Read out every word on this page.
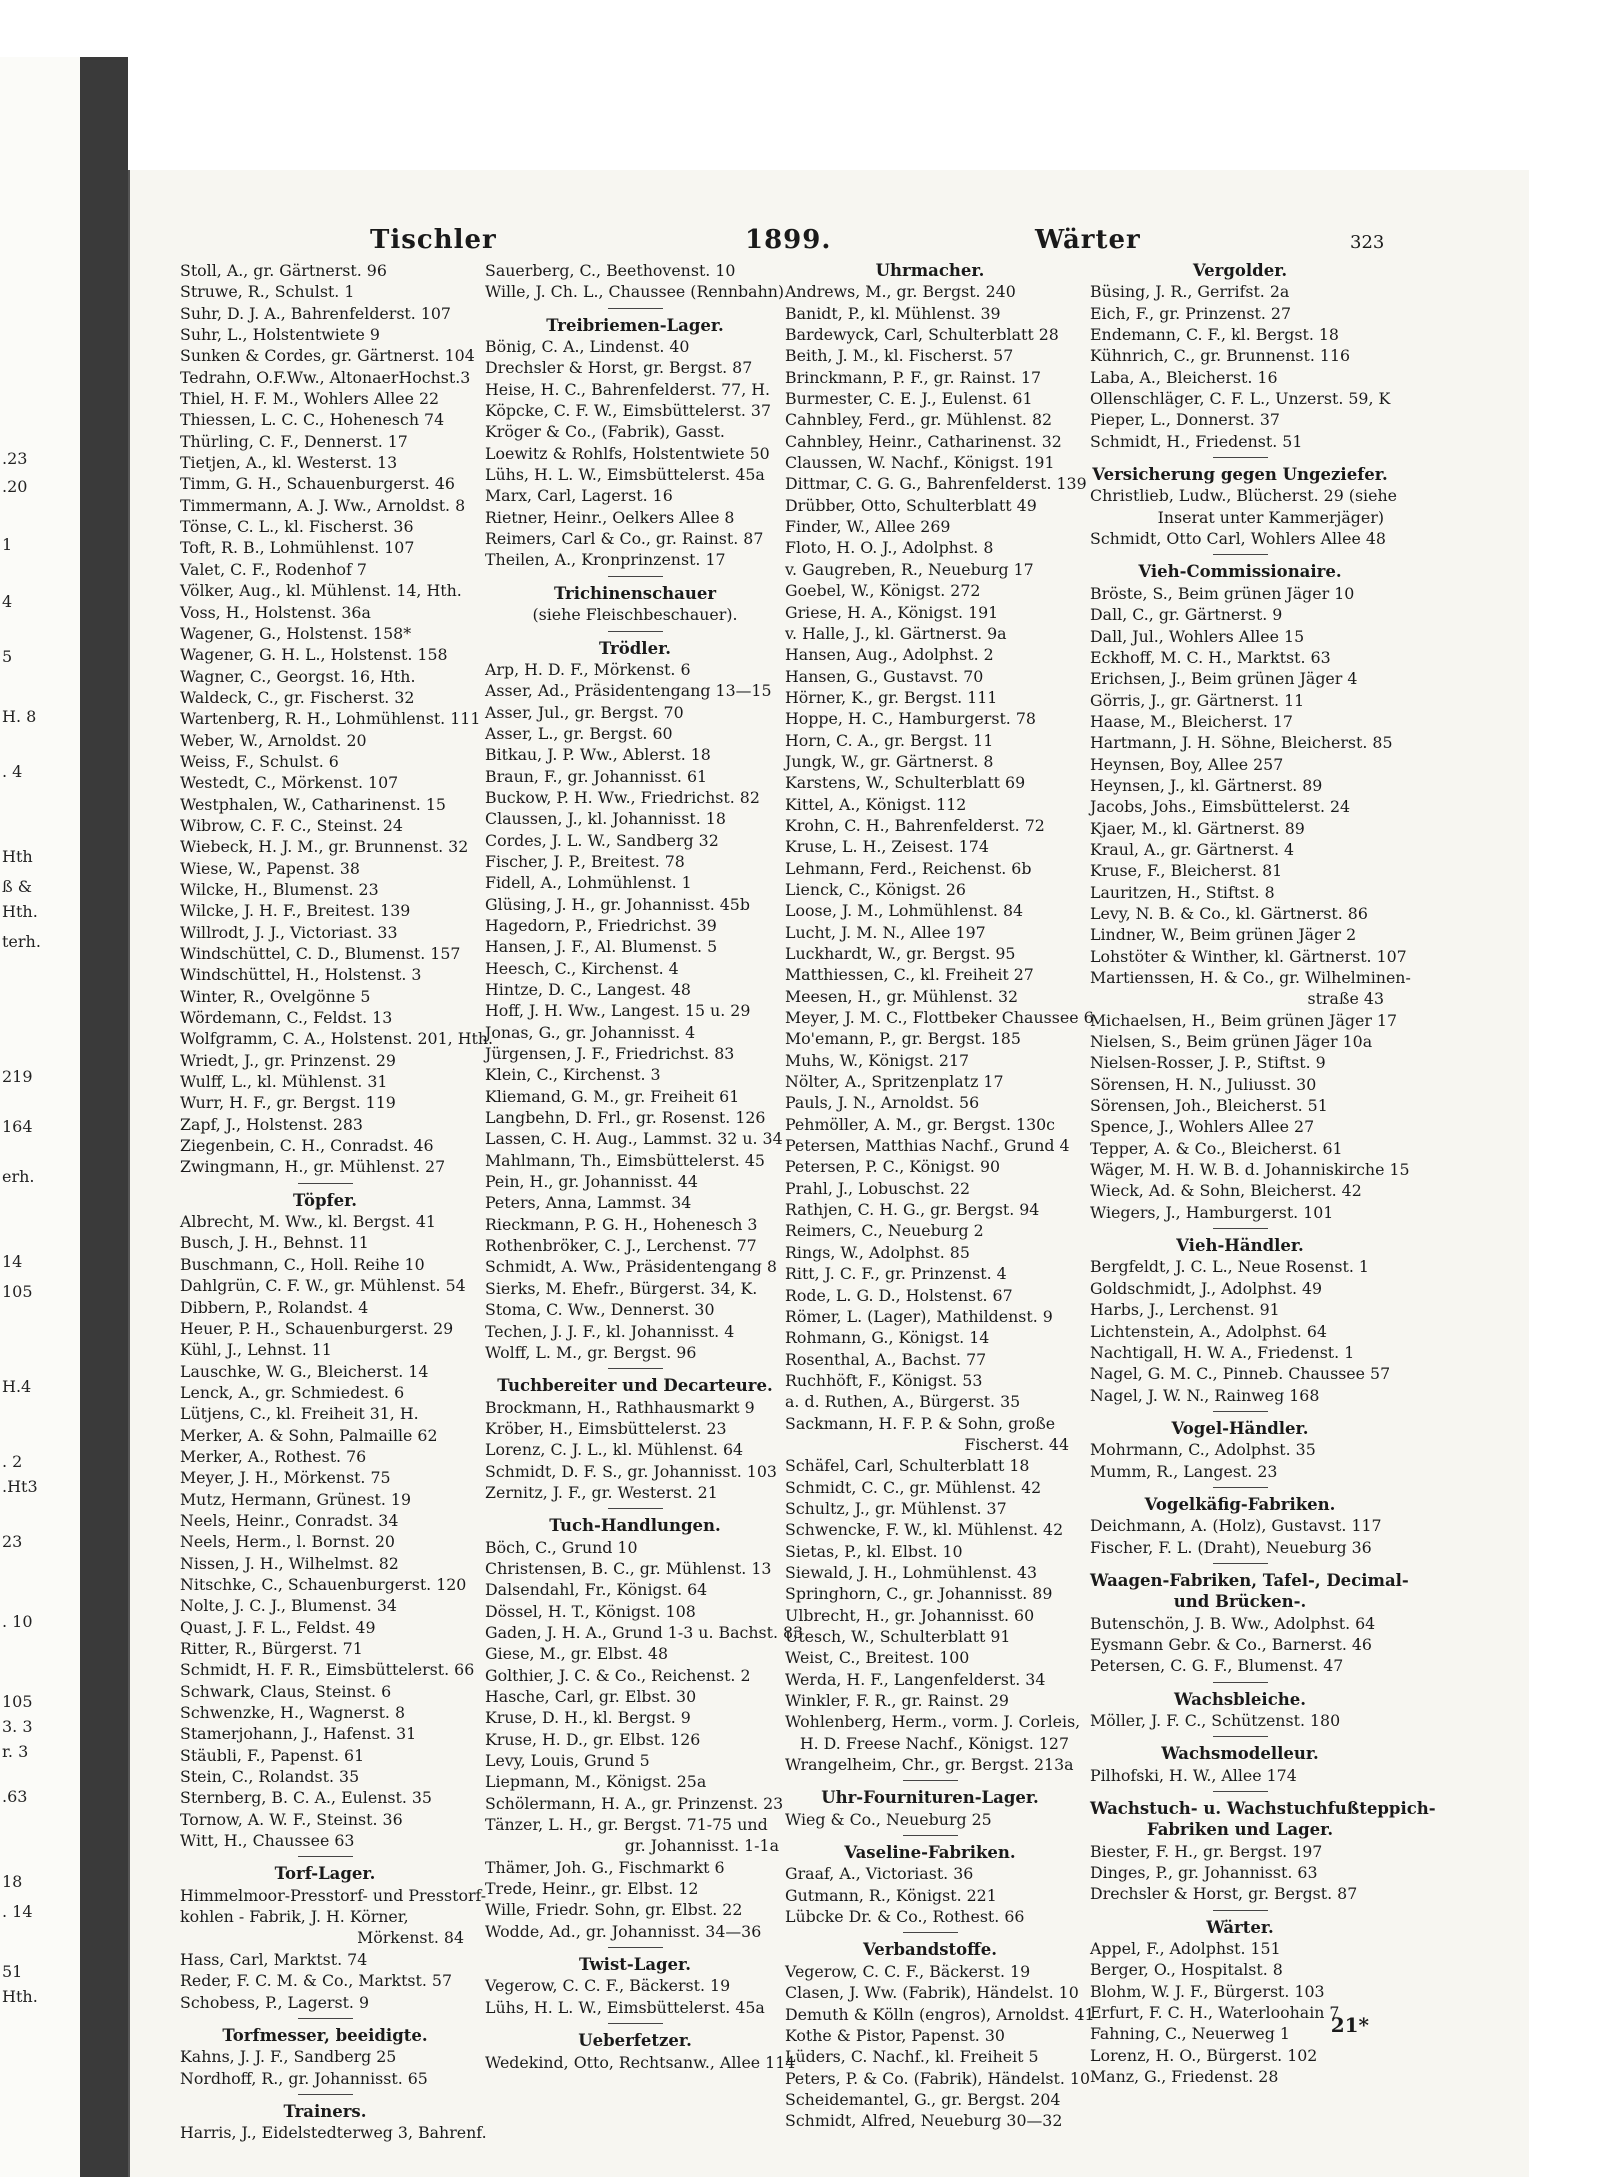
.23
.20
1
4
5
H. 8
. 4
Hth
ß &
Hth.
terh.
219
164
erh.
14
105
H.4
. 2
.Ht3
23
. 10
105
3. 3
r. 3
.63
18
. 14
51
Hth.
Tischler	1899.	Wärter	323
Stoll, A., gr. Gärtnerst. 96
Struwe, R., Schulst. 1
Suhr, D. J. A., Bahrenfelderst. 107
Suhr, L., Holstentwiete 9
Sunken & Cordes, gr. Gärtnerst. 104
Tedrahn, O.F.Ww., AltonaerHochst.3
Thiel, H. F. M., Wohlers Allee 22
Thiessen, L. C. C., Hohenesch 74
Thürling, C. F., Dennerst. 17
Tietjen, A., kl. Westerst. 13
Timm, G. H., Schauenburgerst. 46
Timmermann, A. J. Ww., Arnoldst. 8
Tönse, C. L., kl. Fischerst. 36
Toft, R. B., Lohmühlenst. 107
Valet, C. F., Rodenhof 7
Völker, Aug., kl. Mühlenst. 14, Hth.
Voss, H., Holstenst. 36a
Wagener, G., Holstenst. 158*
Wagener, G. H. L., Holstenst. 158
Wagner, C., Georgst. 16, Hth.
Waldeck, C., gr. Fischerst. 32
Wartenberg, R. H., Lohmühlenst. 111
Weber, W., Arnoldst. 20
Weiss, F., Schulst. 6
Westedt, C., Mörkenst. 107
Westphalen, W., Catharinenst. 15
Wibrow, C. F. C., Steinst. 24
Wiebeck, H. J. M., gr. Brunnenst. 32
Wiese, W., Papenst. 38
Wilcke, H., Blumenst. 23
Wilcke, J. H. F., Breitest. 139
Willrodt, J. J., Victoriast. 33
Windschüttel, C. D., Blumenst. 157
Windschüttel, H., Holstenst. 3
Winter, R., Ovelgönne 5
Wördemann, C., Feldst. 13
Wolfgramm, C. A., Holstenst. 201, Hth.
Wriedt, J., gr. Prinzenst. 29
Wulff, L., kl. Mühlenst. 31
Wurr, H. F., gr. Bergst. 119
Zapf, J., Holstenst. 283
Ziegenbein, C. H., Conradst. 46
Zwingmann, H., gr. Mühlenst. 27
Töpfer.
Albrecht, M. Ww., kl. Bergst. 41
Busch, J. H., Behnst. 11
Buschmann, C., Holl. Reihe 10
Dahlgrün, C. F. W., gr. Mühlenst. 54
Dibbern, P., Rolandst. 4
Heuer, P. H., Schauenburgerst. 29
Kühl, J., Lehnst. 11
Lauschke, W. G., Bleicherst. 14
Lenck, A., gr. Schmiedest. 6
Lütjens, C., kl. Freiheit 31, H.
Merker, A. & Sohn, Palmaille 62
Merker, A., Rothest. 76
Meyer, J. H., Mörkenst. 75
Mutz, Hermann, Grünest. 19
Neels, Heinr., Conradst. 34
Neels, Herm., l. Bornst. 20
Nissen, J. H., Wilhelmst. 82
Nitschke, C., Schauenburgerst. 120
Nolte, J. C. J., Blumenst. 34
Quast, J. F. L., Feldst. 49
Ritter, R., Bürgerst. 71
Schmidt, H. F. R., Eimsbüttelerst. 66
Schwark, Claus, Steinst. 6
Schwenzke, H., Wagnerst. 8
Stamerjohann, J., Hafenst. 31
Stäubli, F., Papenst. 61
Stein, C., Rolandst. 35
Sternberg, B. C. A., Eulenst. 35
Tornow, A. W. F., Steinst. 36
Witt, H., Chaussee 63
Torf-Lager.
Himmelmoor-Presstorf- und Presstorf-
kohlen - Fabrik, J. H. Körner,
Mörkenst. 84
Hass, Carl, Marktst. 74
Reder, F. C. M. & Co., Marktst. 57
Schobess, P., Lagerst. 9
Torfmesser, beeidigte.
Kahns, J. J. F., Sandberg 25
Nordhoff, R., gr. Johannisst. 65
Trainers.
Harris, J., Eidelstedterweg 3, Bahrenf.
Sauerberg, C., Beethovenst. 10
Wille, J. Ch. L., Chaussee (Rennbahn)
Treibriemen-Lager.
Bönig, C. A., Lindenst. 40
Drechsler & Horst, gr. Bergst. 87
Heise, H. C., Bahrenfelderst. 77, H.
Köpcke, C. F. W., Eimsbüttelerst. 37
Kröger & Co., (Fabrik), Gasst.
Loewitz & Rohlfs, Holstentwiete 50
Lühs, H. L. W., Eimsbüttelerst. 45a
Marx, Carl, Lagerst. 16
Rietner, Heinr., Oelkers Allee 8
Reimers, Carl & Co., gr. Rainst. 87
Theilen, A., Kronprinzenst. 17
Trichinenschauer
(siehe Fleischbeschauer).
Trödler.
Arp, H. D. F., Mörkenst. 6
Asser, Ad., Präsidentengang 13—15
Asser, Jul., gr. Bergst. 70
Asser, L., gr. Bergst. 60
Bitkau, J. P. Ww., Ablerst. 18
Braun, F., gr. Johannisst. 61
Buckow, P. H. Ww., Friedrichst. 82
Claussen, J., kl. Johannisst. 18
Cordes, J. L. W., Sandberg 32
Fischer, J. P., Breitest. 78
Fidell, A., Lohmühlenst. 1
Glüsing, J. H., gr. Johannisst. 45b
Hagedorn, P., Friedrichst. 39
Hansen, J. F., Al. Blumenst. 5
Heesch, C., Kirchenst. 4
Hintze, D. C., Langest. 48
Hoff, J. H. Ww., Langest. 15 u. 29
Jonas, G., gr. Johannisst. 4
Jürgensen, J. F., Friedrichst. 83
Klein, C., Kirchenst. 3
Kliemand, G. M., gr. Freiheit 61
Langbehn, D. Frl., gr. Rosenst. 126
Lassen, C. H. Aug., Lammst. 32 u. 34
Mahlmann, Th., Eimsbüttelerst. 45
Pein, H., gr. Johannisst. 44
Peters, Anna, Lammst. 34
Rieckmann, P. G. H., Hohenesch 3
Rothenbröker, C. J., Lerchenst. 77
Schmidt, A. Ww., Präsidentengang 8
Sierks, M. Ehefr., Bürgerst. 34, K.
Stoma, C. Ww., Dennerst. 30
Techen, J. J. F., kl. Johannisst. 4
Wolff, L. M., gr. Bergst. 96
Tuchbereiter und Decarteure.
Brockmann, H., Rathhausmarkt 9
Kröber, H., Eimsbüttelerst. 23
Lorenz, C. J. L., kl. Mühlenst. 64
Schmidt, D. F. S., gr. Johannisst. 103
Zernitz, J. F., gr. Westerst. 21
Tuch-Handlungen.
Böch, C., Grund 10
Christensen, B. C., gr. Mühlenst. 13
Dalsendahl, Fr., Königst. 64
Dössel, H. T., Königst. 108
Gaden, J. H. A., Grund 1-3 u. Bachst. 83
Giese, M., gr. Elbst. 48
Golthier, J. C. & Co., Reichenst. 2
Hasche, Carl, gr. Elbst. 30
Kruse, D. H., kl. Bergst. 9
Kruse, H. D., gr. Elbst. 126
Levy, Louis, Grund 5
Liepmann, M., Königst. 25a
Schölermann, H. A., gr. Prinzenst. 23
Tänzer, L. H., gr. Bergst. 71-75 und
gr. Johannisst. 1-1a
Thämer, Joh. G., Fischmarkt 6
Trede, Heinr., gr. Elbst. 12
Wille, Friedr. Sohn, gr. Elbst. 22
Wodde, Ad., gr. Johannisst. 34—36
Twist-Lager.
Vegerow, C. C. F., Bäckerst. 19
Lühs, H. L. W., Eimsbüttelerst. 45a
Ueberfetzer.
Wedekind, Otto, Rechtsanw., Allee 114
Uhrmacher.
Andrews, M., gr. Bergst. 240
Banidt, P., kl. Mühlenst. 39
Bardewyck, Carl, Schulterblatt 28
Beith, J. M., kl. Fischerst. 57
Brinckmann, P. F., gr. Rainst. 17
Burmester, C. E. J., Eulenst. 61
Cahnbley, Ferd., gr. Mühlenst. 82
Cahnbley, Heinr., Catharinenst. 32
Claussen, W. Nachf., Königst. 191
Dittmar, C. G. G., Bahrenfelderst. 139
Drübber, Otto, Schulterblatt 49
Finder, W., Allee 269
Floto, H. O. J., Adolphst. 8
v. Gaugreben, R., Neueburg 17
Goebel, W., Königst. 272
Griese, H. A., Königst. 191
v. Halle, J., kl. Gärtnerst. 9a
Hansen, Aug., Adolphst. 2
Hansen, G., Gustavst. 70
Hörner, K., gr. Bergst. 111
Hoppe, H. C., Hamburgerst. 78
Horn, C. A., gr. Bergst. 11
Jungk, W., gr. Gärtnerst. 8
Karstens, W., Schulterblatt 69
Kittel, A., Königst. 112
Krohn, C. H., Bahrenfelderst. 72
Kruse, L. H., Zeisest. 174
Lehmann, Ferd., Reichenst. 6b
Lienck, C., Königst. 26
Loose, J. M., Lohmühlenst. 84
Lucht, J. M. N., Allee 197
Luckhardt, W., gr. Bergst. 95
Matthiessen, C., kl. Freiheit 27
Meesen, H., gr. Mühlenst. 32
Meyer, J. M. C., Flottbeker Chaussee 6
Mo'emann, P., gr. Bergst. 185
Muhs, W., Königst. 217
Nölter, A., Spritzenplatz 17
Pauls, J. N., Arnoldst. 56
Pehmöller, A. M., gr. Bergst. 130c
Petersen, Matthias Nachf., Grund 4
Petersen, P. C., Königst. 90
Prahl, J., Lobuschst. 22
Rathjen, C. H. G., gr. Bergst. 94
Reimers, C., Neueburg 2
Rings, W., Adolphst. 85
Ritt, J. C. F., gr. Prinzenst. 4
Rode, L. G. D., Holstenst. 67
Römer, L. (Lager), Mathildenst. 9
Rohmann, G., Königst. 14
Rosenthal, A., Bachst. 77
Ruchhöft, F., Königst. 53
a. d. Ruthen, A., Bürgerst. 35
Sackmann, H. F. P. & Sohn, große
Fischerst. 44
Schäfel, Carl, Schulterblatt 18
Schmidt, C. C., gr. Mühlenst. 42
Schultz, J., gr. Mühlenst. 37
Schwencke, F. W., kl. Mühlenst. 42
Sietas, P., kl. Elbst. 10
Siewald, J. H., Lohmühlenst. 43
Springhorn, C., gr. Johannisst. 89
Ulbrecht, H., gr. Johannisst. 60
Utesch, W., Schulterblatt 91
Weist, C., Breitest. 100
Werda, H. F., Langenfelderst. 34
Winkler, F. R., gr. Rainst. 29
Wohlenberg, Herm., vorm. J. Corleis,
H. D. Freese Nachf., Königst. 127
Wrangelheim, Chr., gr. Bergst. 213a
Uhr-Fournituren-Lager.
Wieg & Co., Neueburg 25
Vaseline-Fabriken.
Graaf, A., Victoriast. 36
Gutmann, R., Königst. 221
Lübcke Dr. & Co., Rothest. 66
Verbandstoffe.
Vegerow, C. C. F., Bäckerst. 19
Clasen, J. Ww. (Fabrik), Händelst. 10
Demuth & Kölln (engros), Arnoldst. 41
Kothe & Pistor, Papenst. 30
Lüders, C. Nachf., kl. Freiheit 5
Peters, P. & Co. (Fabrik), Händelst. 10
Scheidemantel, G., gr. Bergst. 204
Schmidt, Alfred, Neueburg 30—32
Vergolder.
Büsing, J. R., Gerrifst. 2a
Eich, F., gr. Prinzenst. 27
Endemann, C. F., kl. Bergst. 18
Kühnrich, C., gr. Brunnenst. 116
Laba, A., Bleicherst. 16
Ollenschläger, C. F. L., Unzerst. 59, K
Pieper, L., Donnerst. 37
Schmidt, H., Friedenst. 51
Versicherung gegen Ungeziefer.
Christlieb, Ludw., Blücherst. 29 (siehe
Inserat unter Kammerjäger)
Schmidt, Otto Carl, Wohlers Allee 48
Vieh-Commissionaire.
Bröste, S., Beim grünen Jäger 10
Dall, C., gr. Gärtnerst. 9
Dall, Jul., Wohlers Allee 15
Eckhoff, M. C. H., Marktst. 63
Erichsen, J., Beim grünen Jäger 4
Görris, J., gr. Gärtnerst. 11
Haase, M., Bleicherst. 17
Hartmann, J. H. Söhne, Bleicherst. 85
Heynsen, Boy, Allee 257
Heynsen, J., kl. Gärtnerst. 89
Jacobs, Johs., Eimsbüttelerst. 24
Kjaer, M., kl. Gärtnerst. 89
Kraul, A., gr. Gärtnerst. 4
Kruse, F., Bleicherst. 81
Lauritzen, H., Stiftst. 8
Levy, N. B. & Co., kl. Gärtnerst. 86
Lindner, W., Beim grünen Jäger 2
Lohstöter & Winther, kl. Gärtnerst. 107
Martienssen, H. & Co., gr. Wilhelminen-
straße 43
Michaelsen, H., Beim grünen Jäger 17
Nielsen, S., Beim grünen Jäger 10a
Nielsen-Rosser, J. P., Stiftst. 9
Sörensen, H. N., Juliusst. 30
Sörensen, Joh., Bleicherst. 51
Spence, J., Wohlers Allee 27
Tepper, A. & Co., Bleicherst. 61
Wäger, M. H. W. B. d. Johanniskirche 15
Wieck, Ad. & Sohn, Bleicherst. 42
Wiegers, J., Hamburgerst. 101
Vieh-Händler.
Bergfeldt, J. C. L., Neue Rosenst. 1
Goldschmidt, J., Adolphst. 49
Harbs, J., Lerchenst. 91
Lichtenstein, A., Adolphst. 64
Nachtigall, H. W. A., Friedenst. 1
Nagel, G. M. C., Pinneb. Chaussee 57
Nagel, J. W. N., Rainweg 168
Vogel-Händler.
Mohrmann, C., Adolphst. 35
Mumm, R., Langest. 23
Vogelkäfig-Fabriken.
Deichmann, A. (Holz), Gustavst. 117
Fischer, F. L. (Draht), Neueburg 36
Waagen-Fabriken, Tafel-, Decimal-
und Brücken-.
Butenschön, J. B. Ww., Adolphst. 64
Eysmann Gebr. & Co., Barnerst. 46
Petersen, C. G. F., Blumenst. 47
Wachsbleiche.
Möller, J. F. C., Schützenst. 180
Wachsmodelleur.
Pilhofski, H. W., Allee 174
Wachstuch- u. Wachstuchfußteppich-
Fabriken und Lager.
Biester, F. H., gr. Bergst. 197
Dinges, P., gr. Johannisst. 63
Drechsler & Horst, gr. Bergst. 87
Wärter.
Appel, F., Adolphst. 151
Berger, O., Hospitalst. 8
Blohm, W. J. F., Bürgerst. 103
Erfurt, F. C. H., Waterloohain 7
Fahning, C., Neuerweg 1
Lorenz, H. O., Bürgerst. 102
Manz, G., Friedenst. 28
21*
